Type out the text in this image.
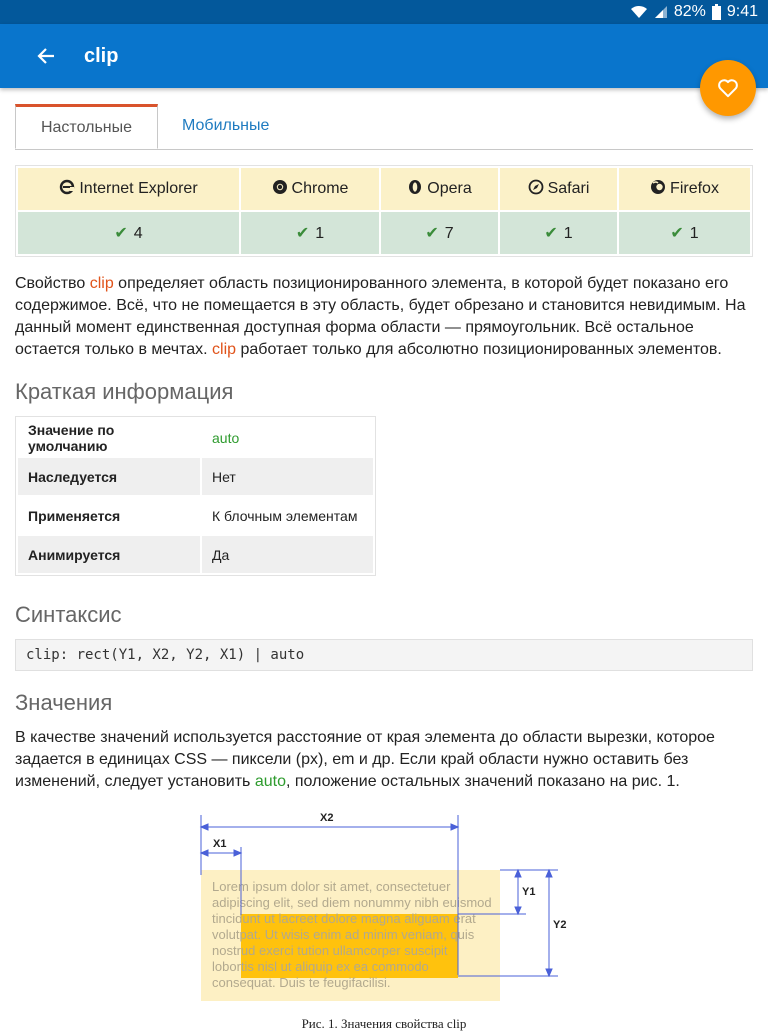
82% 9:41
clip
Настольные	Мобильные
Internet Explorer	Chrome	Opera	Safari	Firefox
✔ 4	✔ 1	✔ 7	✔ 1	✔ 1

Свойство clip определяет область позиционированного элемента, в которой будет показано его содержимое. Всё, что не помещается в эту область, будет обрезано и становится невидимым. На данный момент единственная доступная форма области — прямоугольник. Всё остальное остается только в мечтах. clip работает только для абсолютно позиционированных элементов.

Краткая информация
Значение по умолчанию	auto
Наследуется	Нет
Применяется	К блочным элементам
Анимируется	Да
Синтаксис
clip: rect(Y1, X2, Y2, X1) | auto
Значения

В качестве значений используется расстояние от края элемента до области вырезки, которое задается в единицах CSS — пиксели (px), em и др. Если край области нужно оставить без изменений, следует установить auto, положение остальных значений показано на рис. 1.

Lorem ipsum dolor sit amet, consectetuer adipiscing elit, sed diem nonummy nibh euismod tincidunt ut lacreet dolore magna aliguam erat volutpat. Ut wisis enim ad minim veniam, quis nostrud exerci tution ullamcorper suscipit lobortis nisl ut aliquip ex ea commodo consequat. Duis te feugifacilisi.
X2
X1
Y1
Y2
Рис. 1. Значения свойства clip
